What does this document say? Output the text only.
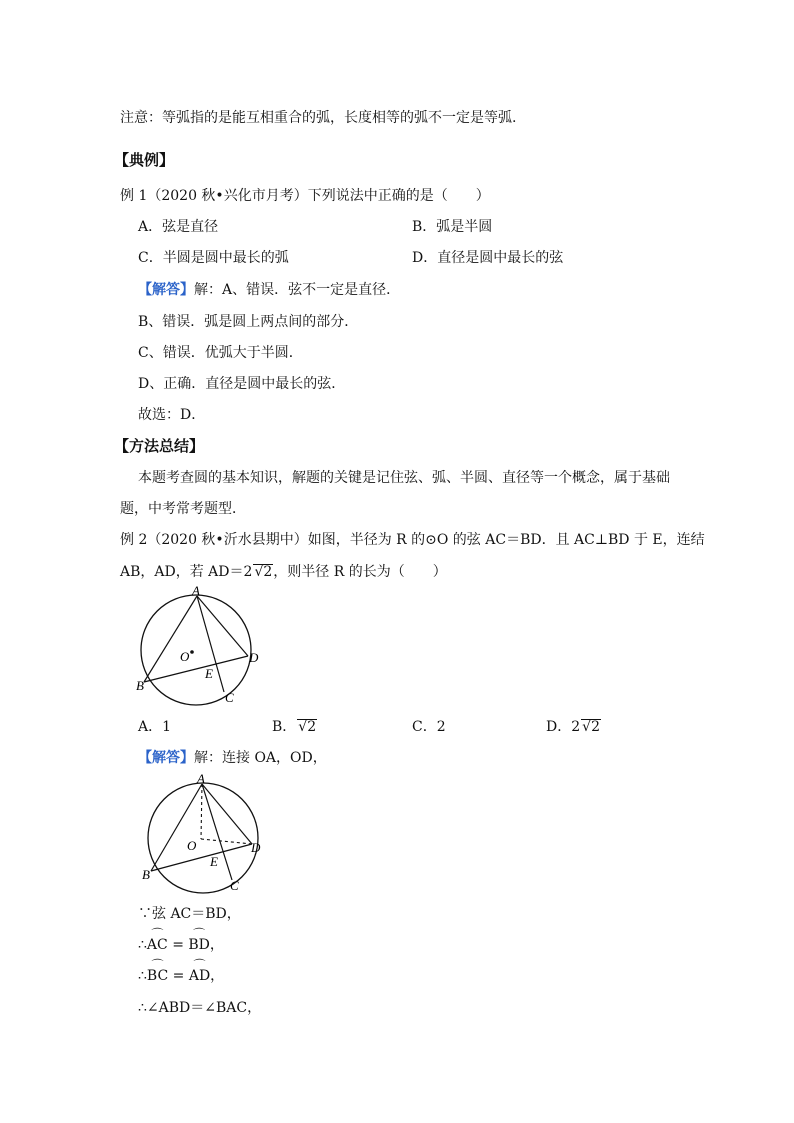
注意：等弧指的是能互相重合的弧，长度相等的弧不一定是等弧.
【典例】
例 1（2020 秋•兴化市月考）下列说法中正确的是（　　）
A．弦是直径	B．弧是半圆
C．半圆是圆中最长的弧	D．直径是圆中最长的弦
【解答】解：A、错误．弦不一定是直径．
B、错误．弧是圆上两点间的部分．
C、错误．优弧大于半圆．
D、正确．直径是圆中最长的弦．
故选：D．
【方法总结】
本题考查圆的基本知识，解题的关键是记住弦、弧、半圆、直径等一个概念，属于基础
题，中考常考题型．
例 2（2020 秋•沂水县期中）如图，半径为 R 的⊙O 的弦 AC＝BD．且 AC⊥BD 于 E，连结
AB，AD，若 AD＝2 √2，则半径 R 的长为（　　）
A
B
C
D
E
O
A．1	B． √2	C．2	D．2 √2
【解答】解：连接 OA，OD，
A
B
C
D
E
O
∵弦 AC＝BD，
∴⌒ AC = ⌒ BD，
∴⌒ BC = ⌒ AD，
∴∠ABD＝∠BAC，
